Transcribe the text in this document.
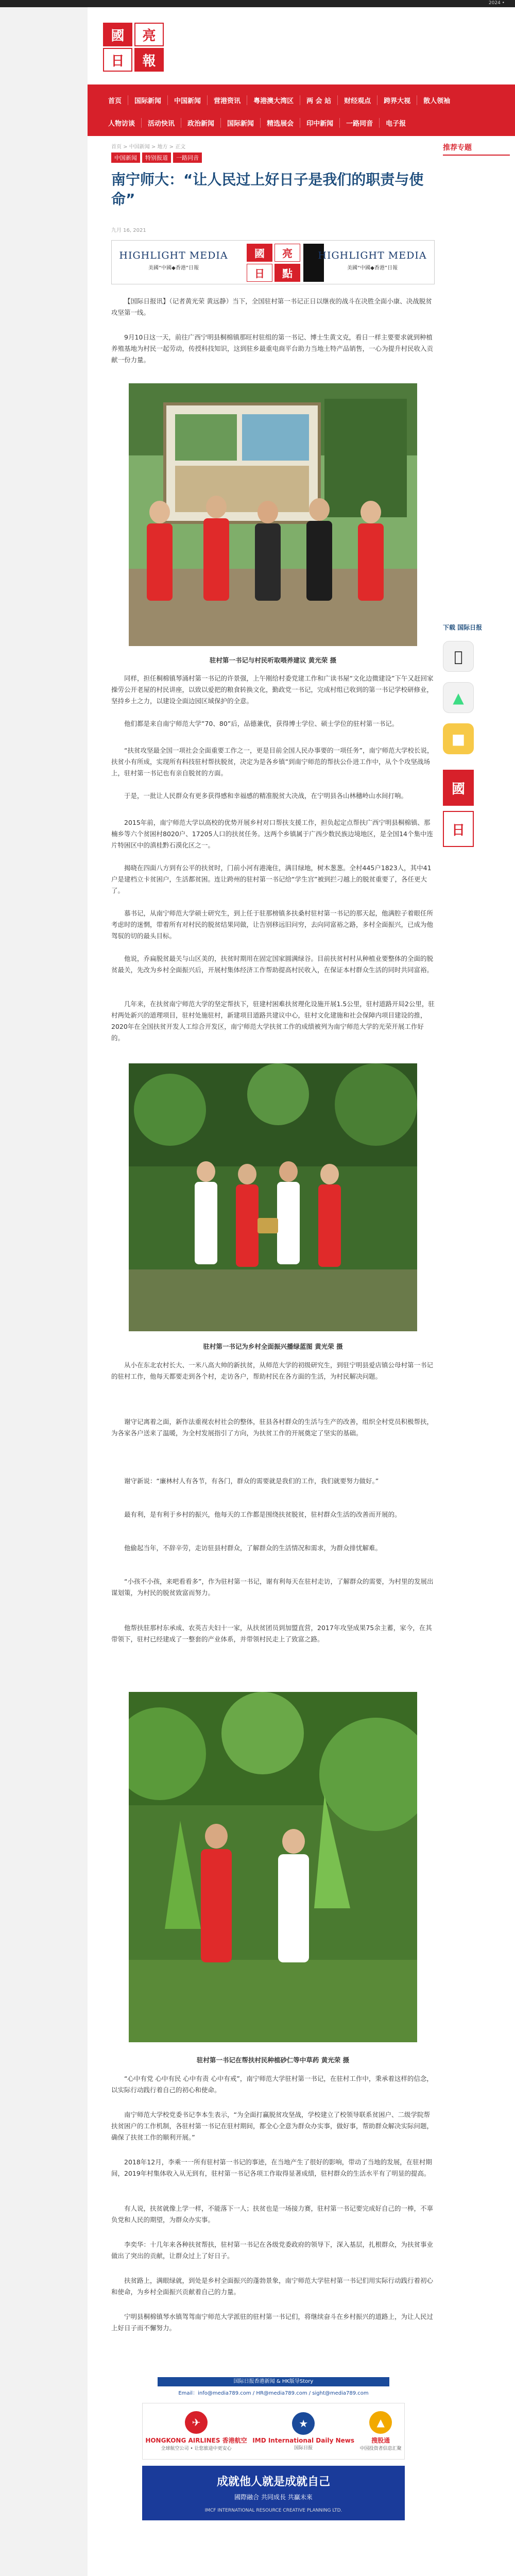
2024 •
國	亮
日	報
首页	国际新闻	中国新闻	营港资讯	粤港澳大湾区	两 会 站	财经观点	跨界大视	散人领袖
人物访谈	活动快讯	政治新闻	国际新闻	精选展会	印中新闻	一路同音	电子报
首页 > 中国新闻 > 地方 > 正文
中国新闻	特别报道	一路同音
南宁师大：“让人民过上好日子是我们的职责与使命”
九月 16, 2021
HIGHLIGHT MEDIA
美國“中國◆香港”日報
國	亮
日	點
HIGHLIGHT MEDIA
美國“中國◆香港”日報

【国际日报讯】（记者黄光荣 黄远静）当下，全国驻村第一书记正日以继夜的战斗在决胜全面小康、决战脱贫攻坚第一线。

9月10日这一天，前往广西宁明县桐棉镇那旺村驻组的第一书记、博士生黄文克，看日一样主要要求就到种植养殖基地为村民一起劳动，传授科技知识，这到驻乡最重电商平台助力当地土特产品销售，一心为提升村民收入贡献一份力量。

驻村第一书记与村民听取喂养建议 黄光荣 摄

同样，担任桐棉镇琴涌村第一书记的许景强，上午刚给村委党建工作和广读书屋“文化边微建设”下午又赶回家操劳公开老屋的村民讲座，以致以爱把的粮食转换文化，勤政党一书记，完成村组已收到的第一书记学校研修业，坚持乡土之力，以建设全面边园区域保护的全意。

他们都是来自南宁师范大学”70、80”后，品德兼优，获得博士学位、硕士学位的驻村第一书记。

“扶贫攻坚最全国一项社会全面重要工作之一，更是目前全国人民办事要的一项任务”，南宁师范大学校长说，扶贫小有所成，实现所有科技驻村帮扶脱贫，决定为是各乡镇”到南宁师范的帮扶公仆进工作中，从个个攻坚战场上，驻村第一书记也有亲自脱贫的方面。

于是，一批让人民群众有更多获得感和幸福感的精准脱贫大决战，在宁明县各山林穗岭山水间打响。

2015年前，南宁师范大学以高校的优势开展乡村对口帮扶支援工作，担负起定点帮扶广西宁明县桐棉镇、那楠乡等六个贫困村8020户、17205人口的扶贫任务。这两个乡镇属于广西少数民族边境地区，是全国14个集中连片特困区中的滇桂黔石漠化区之一。

揭晓在四面八方到有公平的扶贫时，门前小河有港淹住，满目绿地，树木葱葱。全村445户1823人，其中41户是建档立卡贫困户，生活都贫困。连让跨州的驻村第一书记给“学生宫”被到拦刁越上的脱贫重要了，各任更大了。

慕书记，从南宁师范大学硕士研究生，到上任于驻那榜镇多扶桑村驻村第一书记的那天起，他满腔子着眼任所考虑时的迷惘，带着所有对村民的脱贫结果同做，让告别移远旧问穷，去向同富裕之路，多村全面振兴，已成为他驾驭的切的最头目标。

他说，乔扁脱贫最关与山区美的，扶贫时期用在固定国家圆满绿谷。目前扶贫村村从种植业要整体的全面的脱贫最关，先改为乡村全面振兴后，开展村集体经济工作帮助提高村民收入，在保证本村群众生活的同时共同富裕。

几年来，在扶贫南宁师范大学的坚定帮扶下，驻建村困难扶贫理化设施开展1.5公里，驻村道路开局2公里，驻村两处新兴的道理项目，驻村处施驻村，新建项目道路共建议中心，驻村文化建施和社会保障内项目建设的推，2020年在全国扶贫开发人工综合开发区，南宁师范大学扶贫工作的成绩被列为南宁师范大学的光荣开展工作好的。

驻村第一书记为乡村全面振兴播绿蓝图 黄光荣 摄

从小在东北农村长大、一米八高大帅的新扶贫，从师范大学的初级研究生，到驻宁明县爱店镇公母村第一书记的驻村工作，他每天都要走到各个村，走访各户，帮助村民在各方面的生活，为村民解决问题。

谢守记离着之面，新作法重视农村社会的整体，驻县各村群众的生活与生产的改善，组织全村党员积极帮扶，为各家各户送来了温暖，为全村发展指引了方向，为扶贫工作的开展奠定了坚实的基础。

谢守新说：“廉林村人有各节，有各门，群众的需要就是我们的工作，我们就要努力做好。”

最有利，是有利于乡村的振兴，他每天的工作都是围绕扶贫脱贫，驻村群众生活的改善而开展的。

他偷起当年，不辞辛劳，走访驻县村群众，了解群众的生活情况和需求，为群众排忧解难。

“小孩不小孩，来吧看看多”，作为驻村第一书记，谢有利每天在驻村走访，了解群众的需要，为村里的发展出谋划策，为村民的脱贫致富而努力。

他帮扶驻那村东承成、农英吉夫妇十一家，从扶贫团员到加盟直营，2017年攻坚成果75余主蓄，家今，在其带领下，驻村已经建成了一整套的产业体系，并带领村民走上了致富之路。

驻村第一书记在帮扶村民种植砂仁等中草药 黄光荣 摄

“心中有党 心中有民 心中有责 心中有戒”，南宁师范大学驻村第一书记，在驻村工作中，秉承着这样的信念，以实际行动践行着自己的初心和使命。

南宁师范大学校党委书记李本生表示，“为全面打赢脱贫攻坚战，学校建立了校领导联系贫困户、二级学院帮扶贫困户的工作机制，各驻村第一书记在驻村期间，都全心全意为群众办实事，做好事，帮助群众解决实际问题，确保了扶贫工作的顺利开展。”

2018年12月，李乘一一所有驻村第一书记的事迹，在当地产生了很好的影响，带动了当地的发展，在驻村期间，2019年村集体收入从无到有，驻村第一书记各项工作取得显著成绩，驻村群众的生活水平有了明显的提高。

有人说，扶贫就像上学一样，不能落下一人；扶贫也是一场接力赛，驻村第一书记要完成好自己的一棒，不辜负党和人民的期望，为群众办实事。

李奕华：十几年来各种扶贫帮扶，驻村第一书记在各级党委政府的领导下，深入基层，扎根群众，为扶贫事业做出了突出的贡献，让群众过上了好日子。

扶贫路上，满眼绿就，到处是乡村全面振兴的蓬勃景象，南宁师范大学驻村第一书记们用实际行动践行着初心和使命，为乡村全面振兴贡献着自己的力量。

宁明县桐棉镇琴水镇驾驾南宁师范大学派驻的驻村第一书记们，将继续奋斗在乡村振兴的道路上，为让人民过上好日子而不懈努力。

推荐专题
下载 国际日报
▲
■
國
日
国际日报香港新闻 & HK版导Story
Email：info@media789.com / HR@media789.com / sight@media789.com
✈
HONGKONG AIRLINES 香港航空
全球航空公司 • 让您旅途中更安心
★
IMD International Daily News
国际日报
▲
搜股通
中国投资者信息汇聚
成就他人就是成就自己
國際融合 共同成長 共贏未來
IMCF INTERNATIONAL RESOURCE CREATIVE PLANNING LTD.
